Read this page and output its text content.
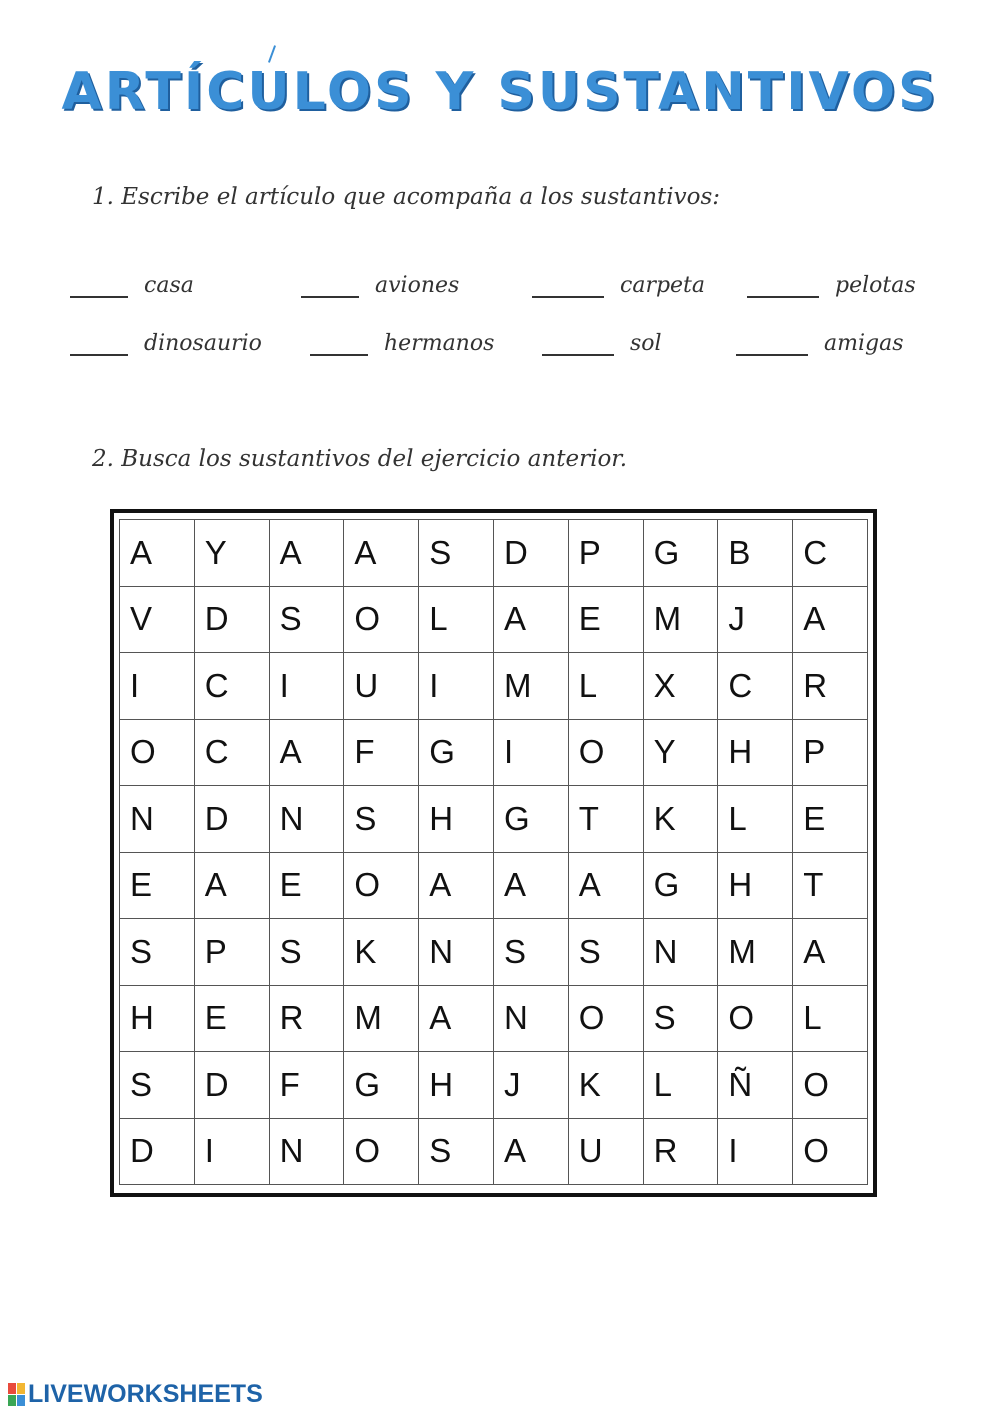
ARTÍCULOS Y SUSTANTIVOS
1. Escribe el artículo que acompaña a los sustantivos:
casa	aviones	carpeta	pelotas
dinosaurio	hermanos	sol	amigas
2. Busca los sustantivos del ejercicio anterior.
A	Y	A	A	S	D	P	G	B	C
V	D	S	O	L	A	E	M	J	A
I	C	I	U	I	M	L	X	C	R
O	C	A	F	G	I	O	Y	H	P
N	D	N	S	H	G	T	K	L	E
E	A	E	O	A	A	A	G	H	T
S	P	S	K	N	S	S	N	M	A
H	E	R	M	A	N	O	S	O	L
S	D	F	G	H	J	K	L	Ñ	O
D	I	N	O	S	A	U	R	I	O
LIVEWORKSHEETS
